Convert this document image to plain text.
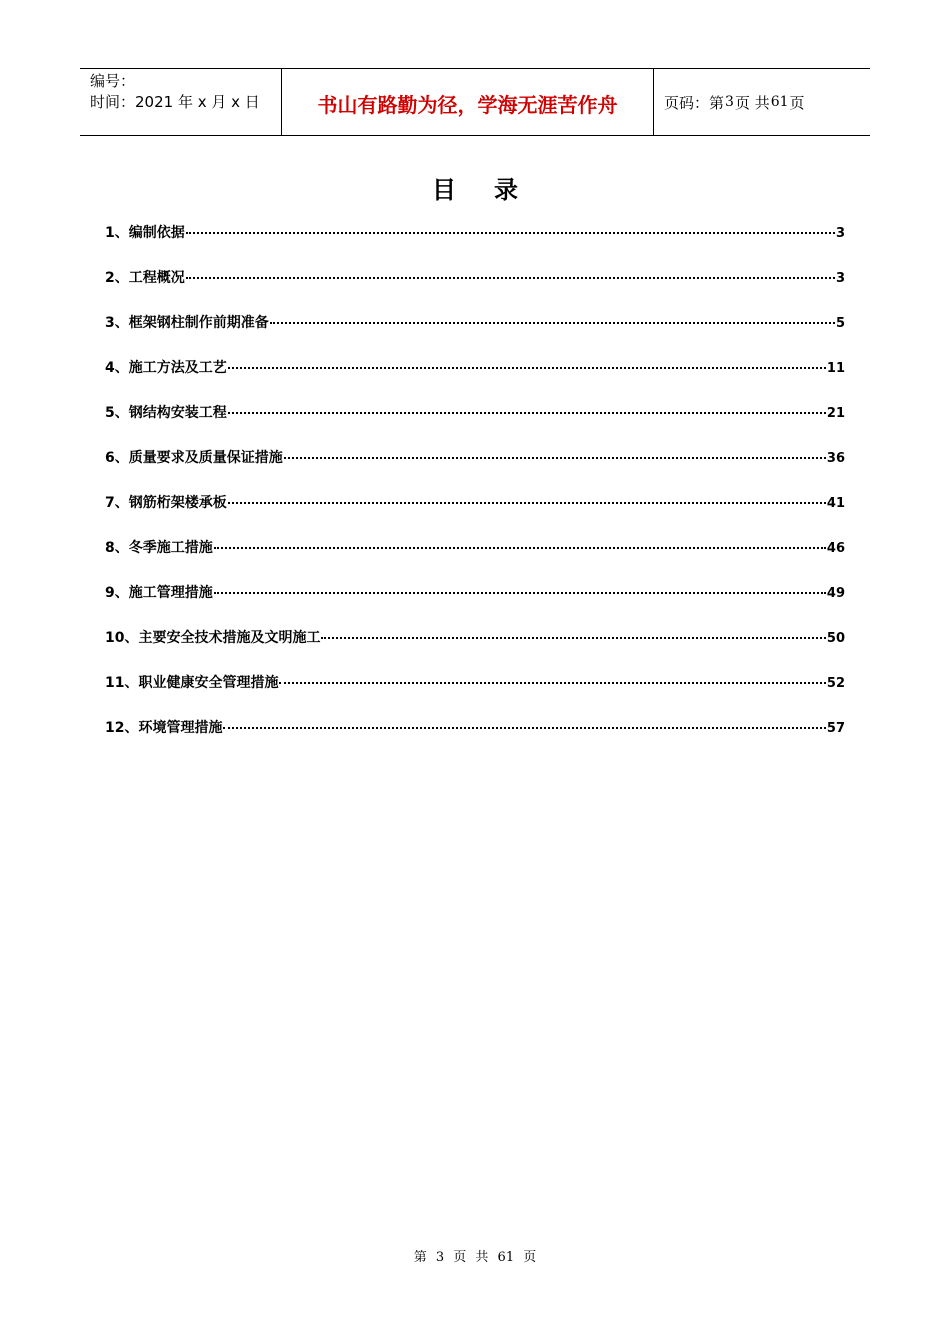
编号：
时间：2021 年 x 月 x 日	书山有路勤为径，学海无涯苦作舟	页码：第 3 页 共 61 页
目 录
1、编制依据	3
2、工程概况	3
3、框架钢柱制作前期准备	5
4、施工方法及工艺	11
5、钢结构安装工程	21
6、质量要求及质量保证措施	36
7、钢筋桁架楼承板	41
8、冬季施工措施	46
9、施工管理措施	49
10、主要安全技术措施及文明施工	50
11、职业健康安全管理措施	52
12、环境管理措施	57
第 3 页 共 61 页
